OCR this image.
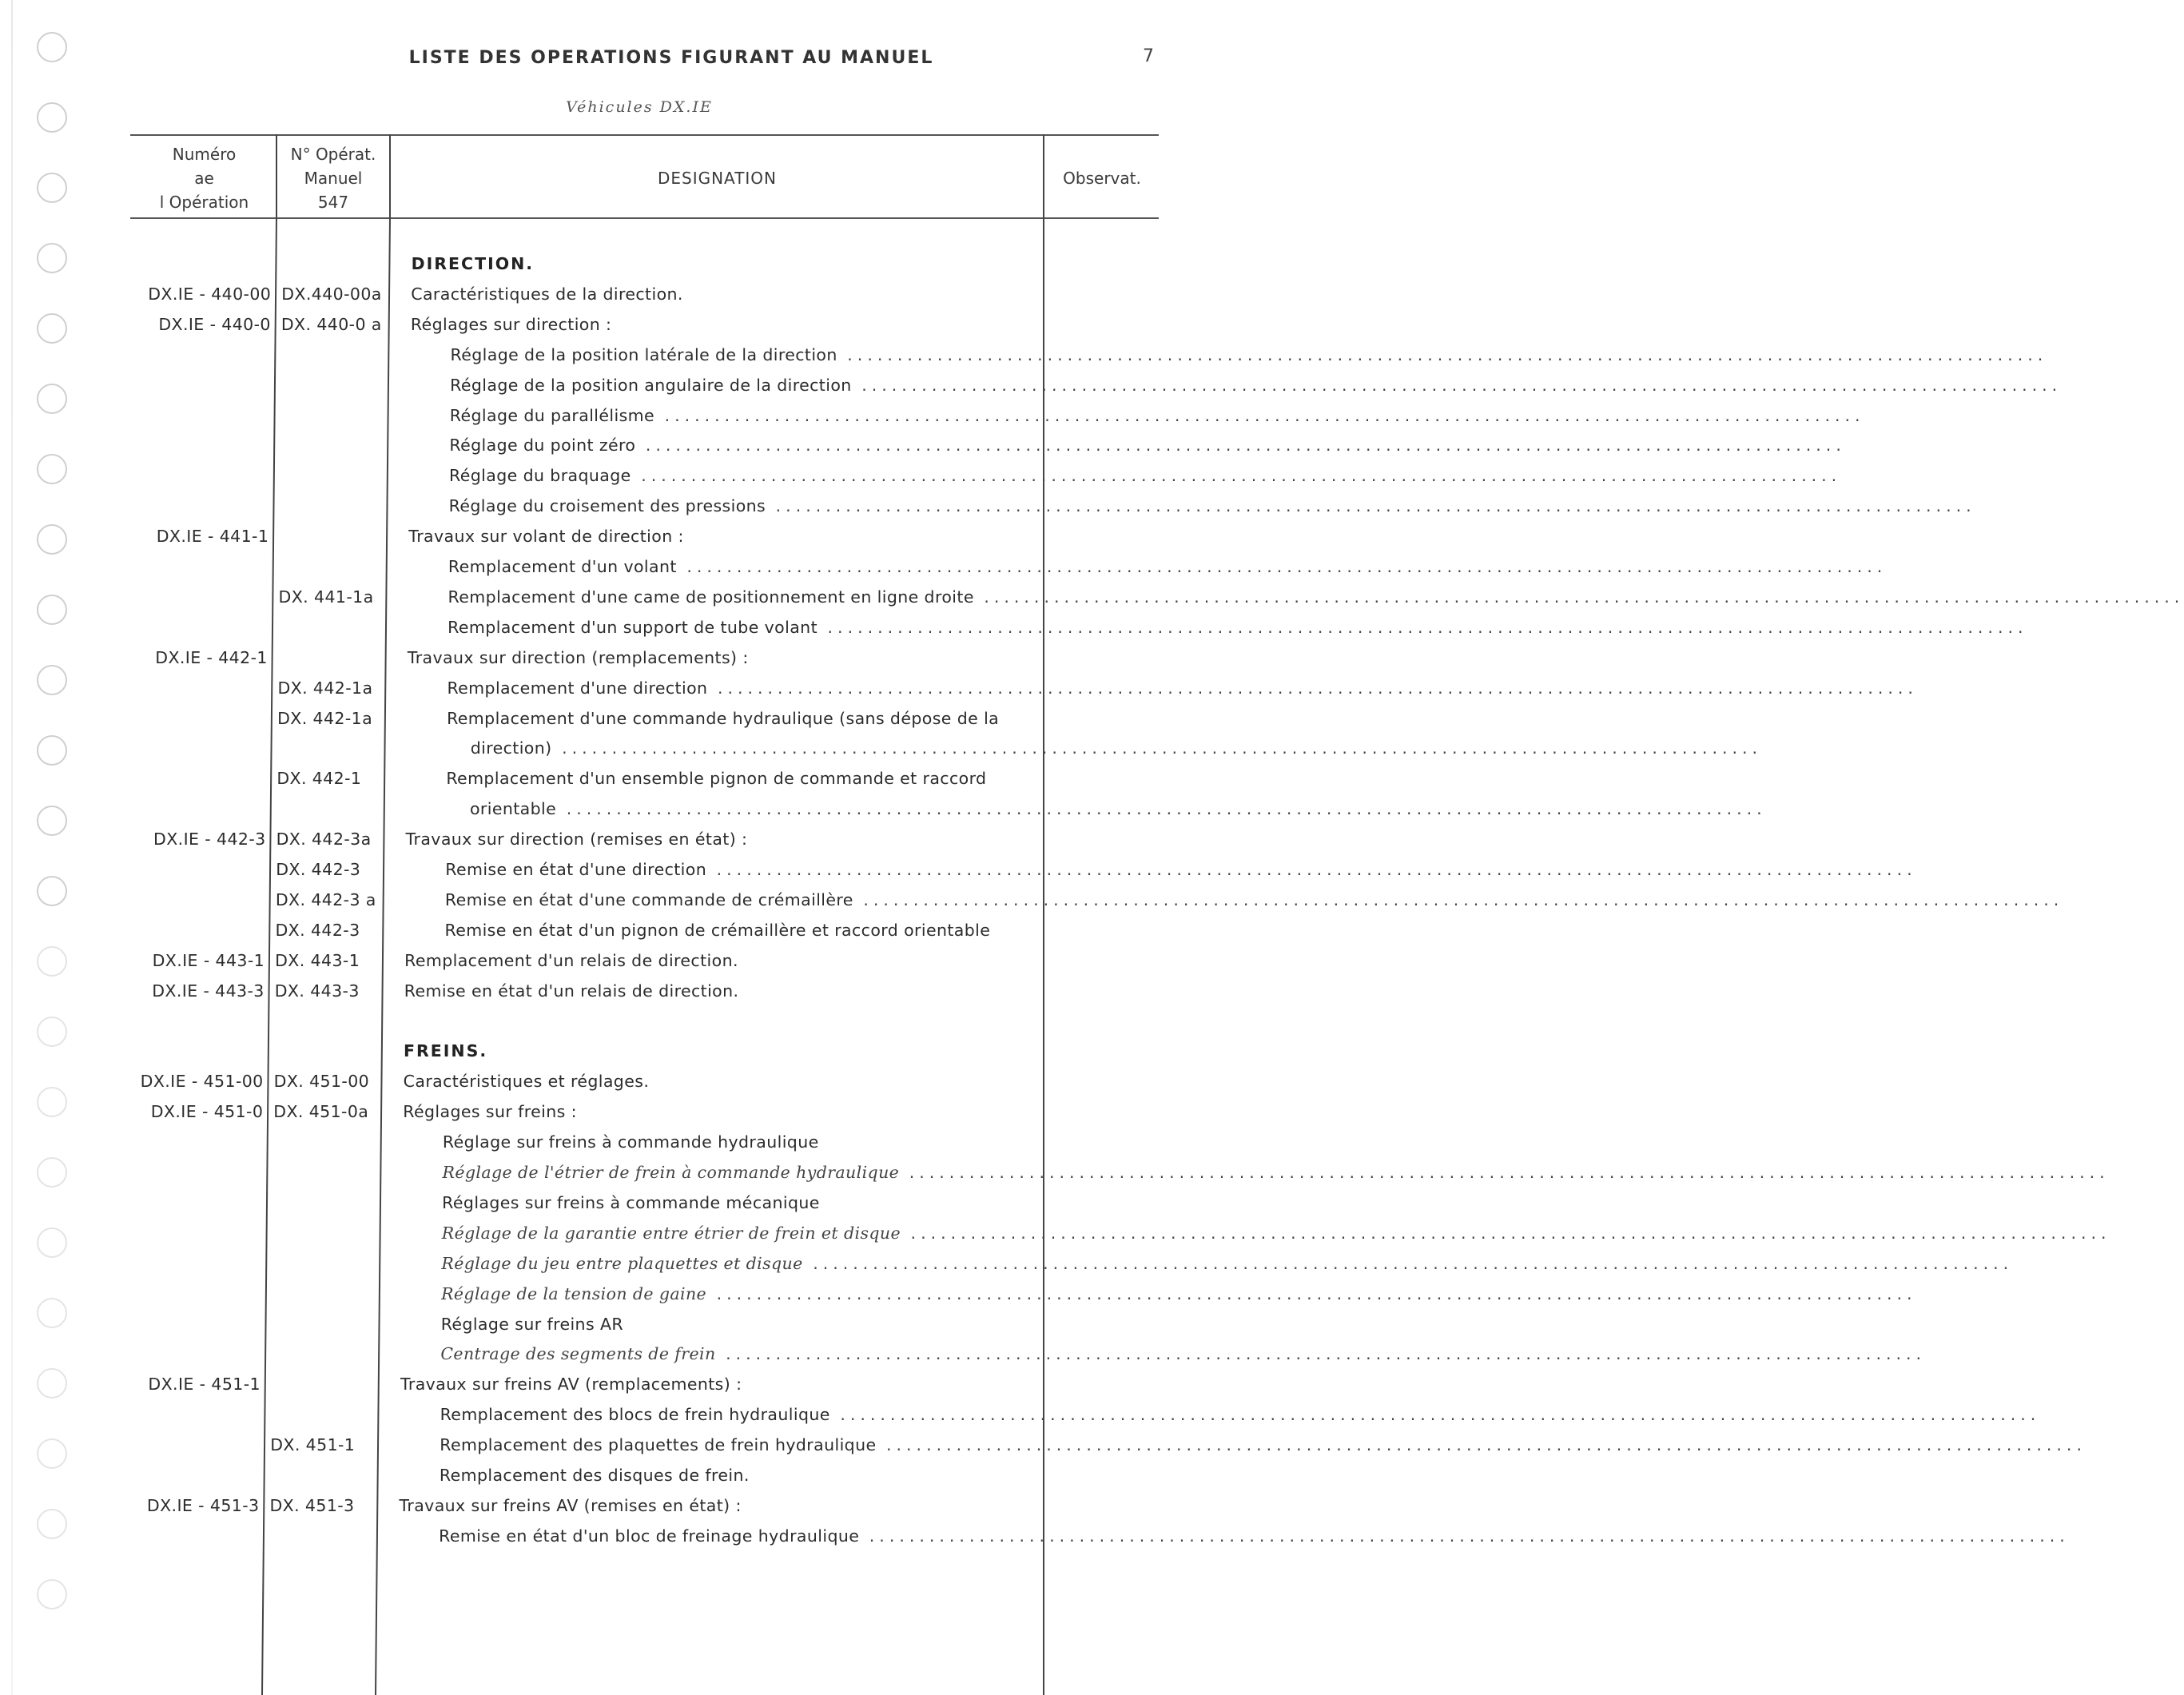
LISTE DES OPERATIONS FIGURANT AU MANUEL	7
Véhicules DX.IE
Numéro
ae
l Opération
N° Opérat.
Manuel
547
DESIGNATION	Observat.
DIRECTION.
DX.IE - 440-00 DX.440-00a	Caractéristiques de la direction.
DX.IE - 440-0 DX. 440-0 a	Réglages sur direction :
Réglage de la position latérale de la direction ........................................................................................................................
Réglage de la position angulaire de la direction ........................................................................................................................
Réglage du parallélisme ........................................................................................................................
Réglage du point zéro ........................................................................................................................
Réglage du braquage ........................................................................................................................
Réglage du croisement des pressions ........................................................................................................................
DX.IE - 441-1	Travaux sur volant de direction :
Remplacement d'un volant ........................................................................................................................
DX. 441-1a	Remplacement d'une came de positionnement en ligne droite ........................................................................................................................
Remplacement d'un support de tube volant ........................................................................................................................
DX.IE - 442-1	Travaux sur direction (remplacements) :
DX. 442-1a	Remplacement d'une direction ........................................................................................................................
DX. 442-1a	Remplacement d'une commande hydraulique (sans dépose de la
direction) ........................................................................................................................
DX. 442-1	Remplacement d'un ensemble pignon de commande et raccord
orientable ........................................................................................................................
DX.IE - 442-3 DX. 442-3a	Travaux sur direction (remises en état) :
DX. 442-3	Remise en état d'une direction ........................................................................................................................
DX. 442-3 a	Remise en état d'une commande de crémaillère ........................................................................................................................
DX. 442-3	Remise en état d'un pignon de crémaillère et raccord orientable
DX.IE - 443-1 DX. 443-1	Remplacement d'un relais de direction.
DX.IE - 443-3 DX. 443-3	Remise en état d'un relais de direction.
FREINS.
DX.IE - 451-00 DX. 451-00	Caractéristiques et réglages.
DX.IE - 451-0 DX. 451-0a	Réglages sur freins :
Réglage sur freins à commande hydraulique
Réglage de l'étrier de frein à commande hydraulique ........................................................................................................................
Réglages sur freins à commande mécanique
Réglage de la garantie entre étrier de frein et disque ........................................................................................................................
Réglage du jeu entre plaquettes et disque ........................................................................................................................
Réglage de la tension de gaine ........................................................................................................................
Réglage sur freins AR
Centrage des segments de frein ........................................................................................................................
DX.IE - 451-1	Travaux sur freins AV (remplacements) :
Remplacement des blocs de frein hydraulique ........................................................................................................................
DX. 451-1	Remplacement des plaquettes de frein hydraulique ........................................................................................................................
Remplacement des disques de frein.
DX.IE - 451-3 DX. 451-3	Travaux sur freins AV (remises en état) :
Remise en état d'un bloc de freinage hydraulique ........................................................................................................................
